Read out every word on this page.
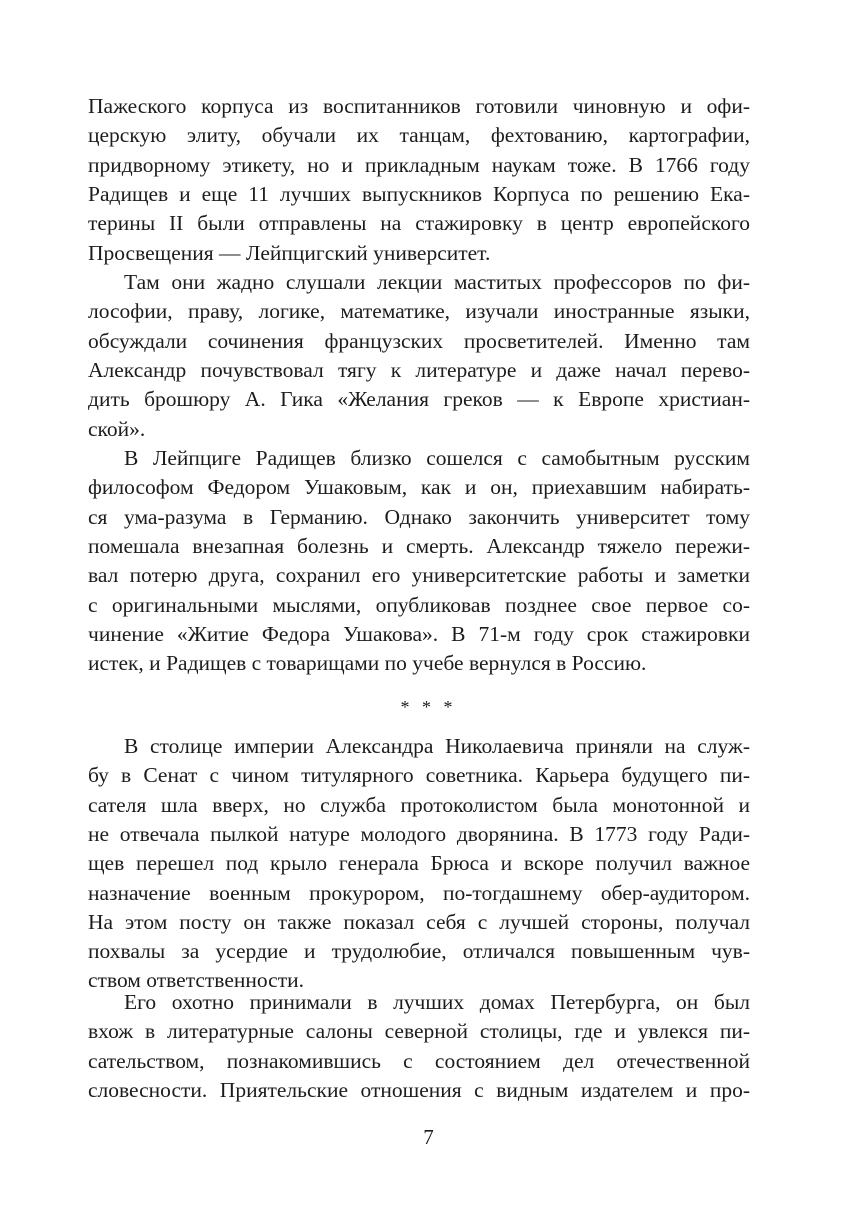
Пажеского корпуса из воспитанников готовили чиновную и офи-
церскую элиту, обучали их танцам, фехтованию, картографии,
придворному этикету, но и прикладным наукам тоже. В 1766 году
Радищев и еще 11 лучших выпускников Корпуса по решению Ека-
терины II были отправлены на стажировку в центр европейского
Просвещения — Лейпцигский университет.
Там они жадно слушали лекции маститых профессоров по фи-
лософии, праву, логике, математике, изучали иностранные языки,
обсуждали сочинения французских просветителей. Именно там
Александр почувствовал тягу к литературе и даже начал перево-
дить брошюру А. Гика «Желания греков — к Европе христиан-
ской».
В Лейпциге Радищев близко сошелся с самобытным русским
философом Федором Ушаковым, как и он, приехавшим набирать-
ся ума-разума в Германию. Однако закончить университет тому
помешала внезапная болезнь и смерть. Александр тяжело пережи-
вал потерю друга, сохранил его университетские работы и заметки
с оригинальными мыслями, опубликовав позднее свое первое со-
чинение «Житие Федора Ушакова». В 71-м году срок стажировки
истек, и Радищев с товарищами по учебе вернулся в Россию.
В столице империи Александра Николаевича приняли на служ-
бу в Сенат с чином титулярного советника. Карьера будущего пи-
сателя шла вверх, но служба протоколистом была монотонной и
не отвечала пылкой натуре молодого дворянина. В 1773 году Ради-
щев перешел под крыло генерала Брюса и вскоре получил важное
назначение военным прокурором, по-тогдашнему обер-аудитором.
На этом посту он также показал себя с лучшей стороны, получал
похвалы за усердие и трудолюбие, отличался повышенным чув-
ством ответственности.
Его охотно принимали в лучших домах Петербурга, он был
вхож в литературные салоны северной столицы, где и увлекся пи-
сательством, познакомившись с состоянием дел отечественной
словесности. Приятельские отношения с видным издателем и про-
* * *
7
